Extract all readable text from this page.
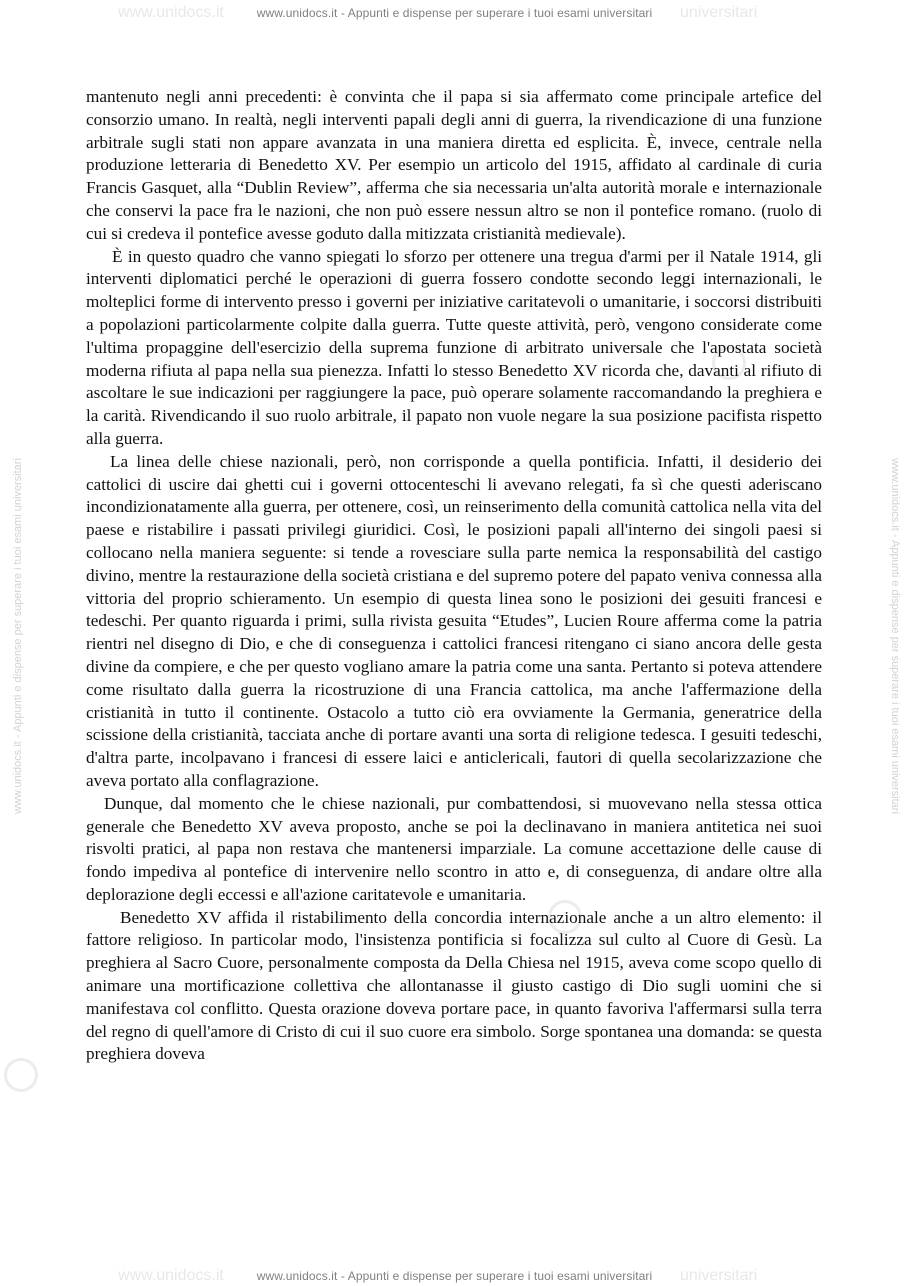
www.unidocs.it	universitari
www.unidocs.it	universitari
www.unidocs.it - Appunti e dispense per superare i tuoi esami universitari
www.unidocs.it - Appunti e dispense per superare i tuoi esami universitari	www.unidocs.it - Appunti e dispense per superare i tuoi esami universitari

mantenuto negli anni precedenti: è convinta che il papa si sia affermato come principale artefice del consorzio umano. In realtà, negli interventi papali degli anni di guerra, la rivendicazione di una funzione arbitrale sugli stati non appare avanzata in una maniera diretta ed esplicita. È, invece, centrale nella produzione letteraria di Benedetto XV. Per esempio un articolo del 1915, affidato al cardinale di curia Francis Gasquet, alla “Dublin Review”, afferma che sia necessaria un'alta autorità morale e internazionale che conservi la pace fra le nazioni, che non può essere nessun altro se non il pontefice romano. (ruolo di cui si credeva il pontefice avesse goduto dalla mitizzata cristianità medievale).

È in questo quadro che vanno spiegati lo sforzo per ottenere una tregua d'armi per il Natale 1914, gli interventi diplomatici perché le operazioni di guerra fossero condotte secondo leggi internazionali, le molteplici forme di intervento presso i governi per iniziative caritatevoli o umanitarie, i soccorsi distribuiti a popolazioni particolarmente colpite dalla guerra. Tutte queste attività, però, vengono considerate come l'ultima propaggine dell'esercizio della suprema funzione di arbitrato universale che l'apostata società moderna rifiuta al papa nella sua pienezza. Infatti lo stesso Benedetto XV ricorda che, davanti al rifiuto di ascoltare le sue indicazioni per raggiungere la pace, può operare solamente raccomandando la preghiera e la carità. Rivendicando il suo ruolo arbitrale, il papato non vuole negare la sua posizione pacifista rispetto alla guerra.

La linea delle chiese nazionali, però, non corrisponde a quella pontificia. Infatti, il desiderio dei cattolici di uscire dai ghetti cui i governi ottocenteschi li avevano relegati, fa sì che questi aderiscano incondizionatamente alla guerra, per ottenere, così, un reinserimento della comunità cattolica nella vita del paese e ristabilire i passati privilegi giuridici. Così, le posizioni papali all'interno dei singoli paesi si collocano nella maniera seguente: si tende a rovesciare sulla parte nemica la responsabilità del castigo divino, mentre la restaurazione della società cristiana e del supremo potere del papato veniva connessa alla vittoria del proprio schieramento. Un esempio di questa linea sono le posizioni dei gesuiti francesi e tedeschi. Per quanto riguarda i primi, sulla rivista gesuita “Etudes”, Lucien Roure afferma come la patria rientri nel disegno di Dio, e che di conseguenza i cattolici francesi ritengano ci siano ancora delle gesta divine da compiere, e che per questo vogliano amare la patria come una santa. Pertanto si poteva attendere come risultato dalla guerra la ricostruzione di una Francia cattolica, ma anche l'affermazione della cristianità in tutto il continente. Ostacolo a tutto ciò era ovviamente la Germania, generatrice della scissione della cristianità, tacciata anche di portare avanti una sorta di religione tedesca. I gesuiti tedeschi, d'altra parte, incolpavano i francesi di essere laici e anticlericali, fautori di quella secolarizzazione che aveva portato alla conflagrazione.

Dunque, dal momento che le chiese nazionali, pur combattendosi, si muovevano nella stessa ottica generale che Benedetto XV aveva proposto, anche se poi la declinavano in maniera antitetica nei suoi risvolti pratici, al papa non restava che mantenersi imparziale. La comune accettazione delle cause di fondo impediva al pontefice di intervenire nello scontro in atto e, di conseguenza, di andare oltre alla deplorazione degli eccessi e all'azione caritatevole e umanitaria.

Benedetto XV affida il ristabilimento della concordia internazionale anche a un altro elemento: il fattore religioso. In particolar modo, l'insistenza pontificia si focalizza sul culto al Cuore di Gesù. La preghiera al Sacro Cuore, personalmente composta da Della Chiesa nel 1915, aveva come scopo quello di animare una mortificazione collettiva che allontanasse il giusto castigo di Dio sugli uomini che si manifestava col conflitto. Questa orazione doveva portare pace, in quanto favoriva l'affermarsi sulla terra del regno di quell'amore di Cristo di cui il suo cuore era simbolo. Sorge spontanea una domanda: se questa preghiera doveva

www.unidocs.it - Appunti e dispense per superare i tuoi esami universitari
